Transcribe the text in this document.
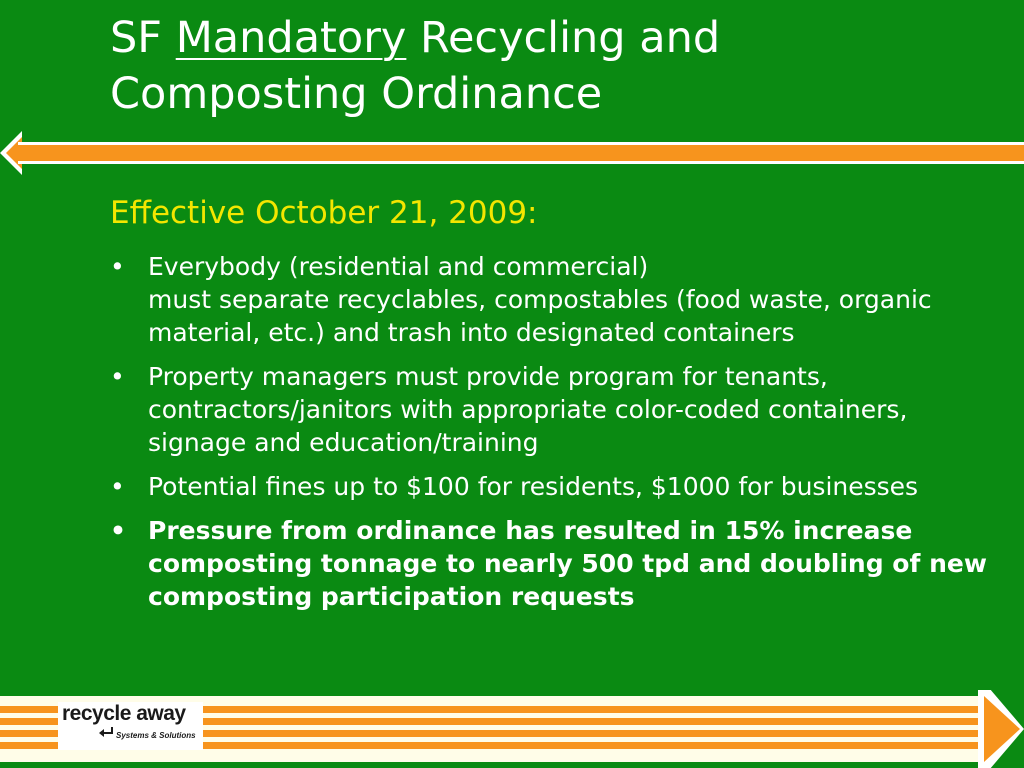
SF Mandatory Recycling and Composting Ordinance
Effective October 21, 2009:
• Everybody (residential and commercial)
must separate recyclables, compostables (food waste, organic material, etc.) and trash into designated containers
• Property managers must provide program for tenants, contractors/janitors with appropriate color-coded containers, signage and education/training
• Potential fines up to $100 for residents, $1000 for businesses
• Pressure from ordinance has resulted in 15% increase composting tonnage to nearly 500 tpd and doubling of new composting participation requests
recycle away
Systems & Solutions
